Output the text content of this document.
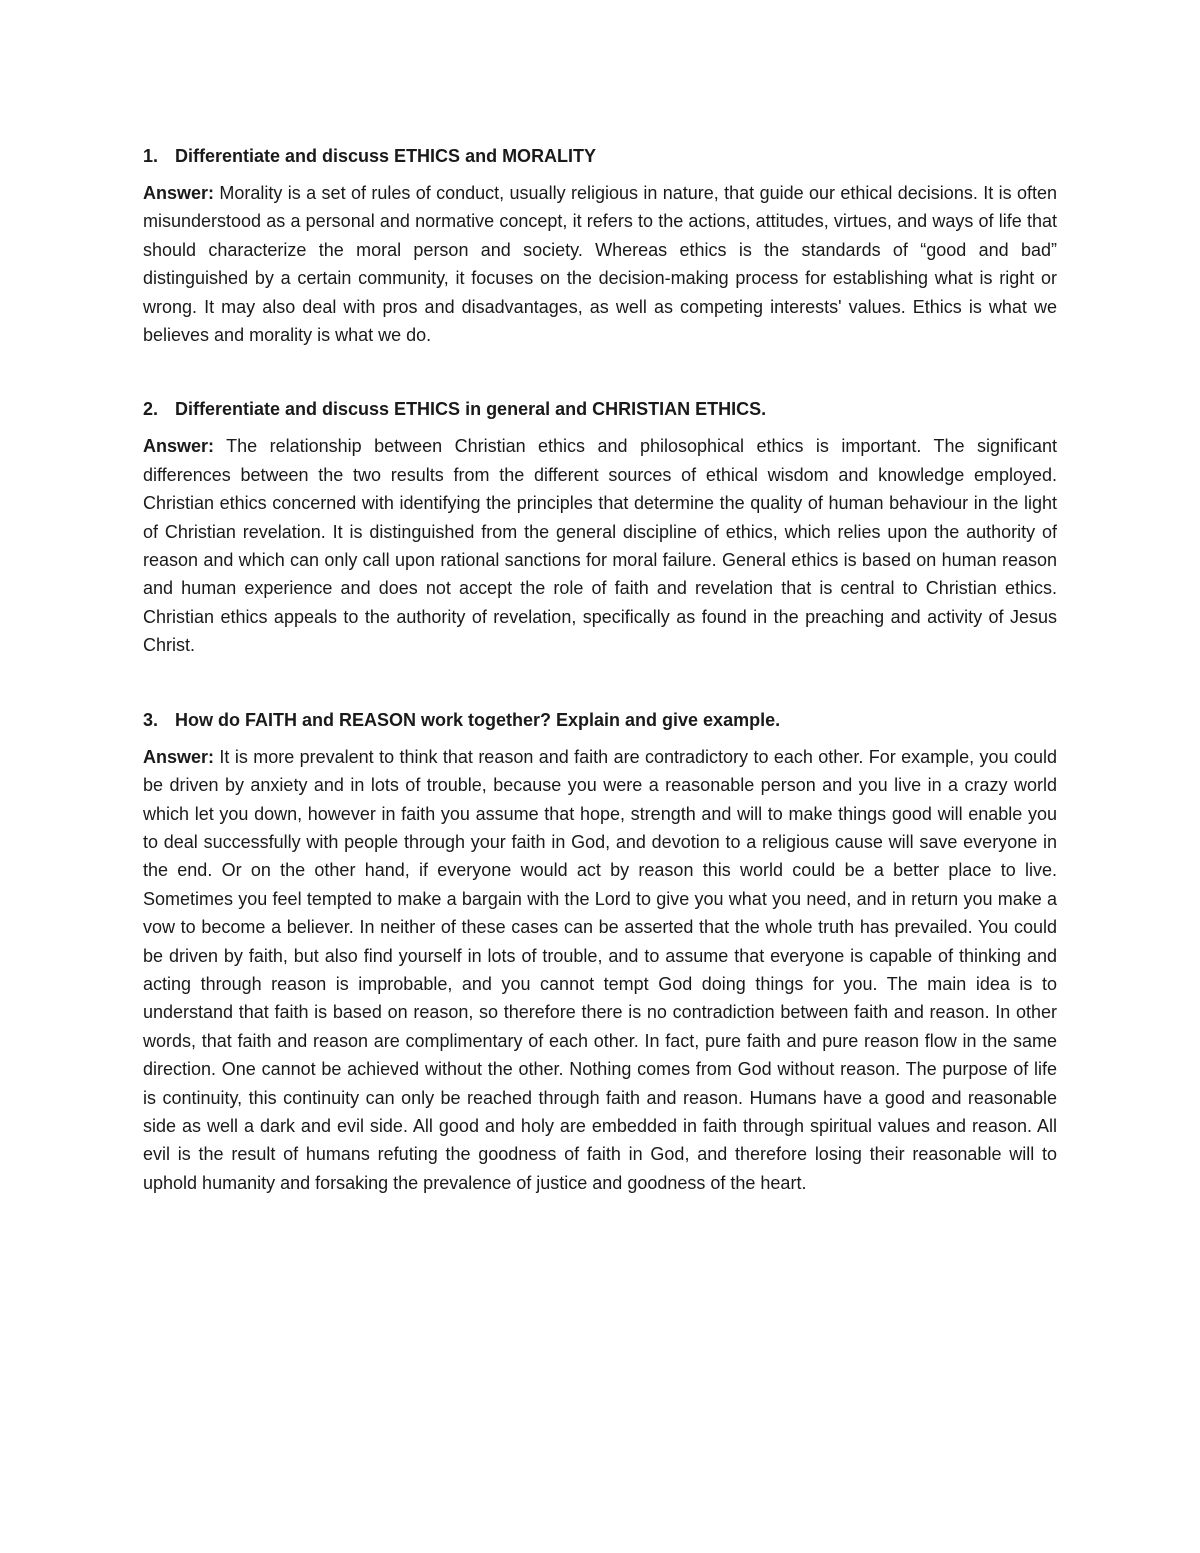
1. Differentiate and discuss ETHICS and MORALITY

Answer: Morality is a set of rules of conduct, usually religious in nature, that guide our ethical decisions. It is often misunderstood as a personal and normative concept, it refers to the actions, attitudes, virtues, and ways of life that should characterize the moral person and society. Whereas ethics is the standards of “good and bad” distinguished by a certain community, it focuses on the decision-making process for establishing what is right or wrong. It may also deal with pros and disadvantages, as well as competing interests' values. Ethics is what we believes and morality is what we do.

2. Differentiate and discuss ETHICS in general and CHRISTIAN ETHICS.

Answer: The relationship between Christian ethics and philosophical ethics is important. The significant differences between the two results from the different sources of ethical wisdom and knowledge employed. Christian ethics concerned with identifying the principles that determine the quality of human behaviour in the light of Christian revelation. It is distinguished from the general discipline of ethics, which relies upon the authority of reason and which can only call upon rational sanctions for moral failure. General ethics is based on human reason and human experience and does not accept the role of faith and revelation that is central to Christian ethics. Christian ethics appeals to the authority of revelation, specifically as found in the preaching and activity of Jesus Christ.

3. How do FAITH and REASON work together? Explain and give example.

Answer: It is more prevalent to think that reason and faith are contradictory to each other. For example, you could be driven by anxiety and in lots of trouble, because you were a reasonable person and you live in a crazy world which let you down, however in faith you assume that hope, strength and will to make things good will enable you to deal successfully with people through your faith in God, and devotion to a religious cause will save everyone in the end. Or on the other hand, if everyone would act by reason this world could be a better place to live. Sometimes you feel tempted to make a bargain with the Lord to give you what you need, and in return you make a vow to become a believer. In neither of these cases can be asserted that the whole truth has prevailed. You could be driven by faith, but also find yourself in lots of trouble, and to assume that everyone is capable of thinking and acting through reason is improbable, and you cannot tempt God doing things for you. The main idea is to understand that faith is based on reason, so therefore there is no contradiction between faith and reason. In other words, that faith and reason are complimentary of each other. In fact, pure faith and pure reason flow in the same direction. One cannot be achieved without the other. Nothing comes from God without reason. The purpose of life is continuity, this continuity can only be reached through faith and reason. Humans have a good and reasonable side as well a dark and evil side. All good and holy are embedded in faith through spiritual values and reason. All evil is the result of humans refuting the goodness of faith in God, and therefore losing their reasonable will to uphold humanity and forsaking the prevalence of justice and goodness of the heart.
